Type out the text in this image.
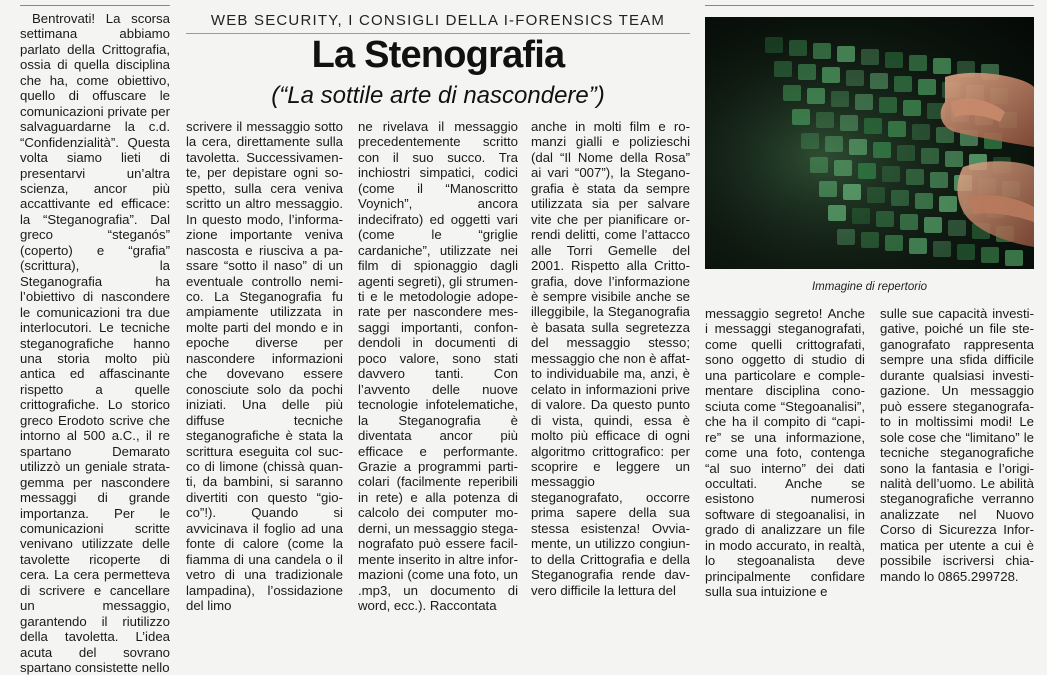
WEB SECURITY, I CONSIGLI DELLA I-FORENSICS TEAM
La Stenografia
(“La sottile arte di nascondere”)

Bentrovati! La scorsa settimana abbiamo parlato della Crittografia, ossia di quella disciplina che ha, come obiettivo, quello di offuscare le comunicazioni private per salvaguardarne la c.d. “Confidenzialità”. Questa volta siamo lieti di presentarvi un’altra scienza, ancor più accattivante ed efficace: la “Steganografia”. Dal greco “steganós” (coperto) e “grafia” (scrittura), la Steganografia ha l’obiettivo di nascondere le comunicazioni tra due interlocutori. Le tecniche steganografiche hanno una storia molto più antica ed affascinante rispetto a quelle crittografiche. Lo storico greco Erodoto scrive che intorno al 500 a.C., il re spartano Demarato utilizzò un geniale stratagemma per nascondere messaggi di grande importanza. Per le comunicazioni scritte venivano utilizzate delle tavolette ricoperte di cera. La cera permetteva di scrivere e cancellare un messaggio, garantendo il riutilizzo della tavoletta. L’idea acuta del sovrano spartano consistette nello

scrivere il messaggio sotto la cera, direttamente sulla tavoletta. Successivamente, per depistare ogni sospetto, sulla cera veniva scritto un altro messaggio. In questo modo, l’informazione importante veniva nascosta e riusciva a passare “sotto il naso” di un eventuale controllo nemico. La Steganografia fu ampiamente utilizzata in molte parti del mondo e in epoche diverse per nascondere informazioni che dovevano essere conosciute solo da pochi iniziati. Una delle più diffuse tecniche steganografiche è stata la scrittura eseguita col succo di limone (chissà quanti, da bambini, si saranno divertiti con questo “gioco”!). Quando si avvicinava il foglio ad una fonte di calore (come la fiamma di una candela o il vetro di una tradizionale lampadina), l’ossidazione del limo

ne rivelava il messaggio precedentemente scritto con il suo succo. Tra inchiostri simpatici, codici (come il “Manoscritto Voynich”, ancora indecifrato) ed oggetti vari (come le “griglie cardaniche”, utilizzate nei film di spionaggio dagli agenti segreti), gli strumenti e le metodologie adoperate per nascondere messaggi importanti, confondendoli in documenti di poco valore, sono stati davvero tanti. Con l’avvento delle nuove tecnologie infotelematiche, la Steganografia è diventata ancor più efficace e performante. Grazie a programmi particolari (facilmente reperibili in rete) e alla potenza di calcolo dei computer moderni, un messaggio steganografato può essere facilmente inserito in altre informazioni (come una foto, un .mp3, un documento di word, ecc.). Raccontata

anche in molti film e romanzi gialli e polizieschi (dal “Il Nome della Rosa” ai vari “007”), la Steganografia è stata da sempre utilizzata sia per salvare vite che per pianificare orrendi delitti, come l’attacco alle Torri Gemelle del 2001. Rispetto alla Crittografia, dove l’informazione è sempre visibile anche se illeggibile, la Steganografia è basata sulla segretezza del messaggio stesso; messaggio che non è affatto individuabile ma, anzi, è celato in informazioni prive di valore. Da questo punto di vista, quindi, essa è molto più efficace di ogni algoritmo crittografico: per scoprire e leggere un messaggio steganografato, occorre prima sapere della sua stessa esistenza! Ovviamente, un utilizzo congiunto della Crittografia e della Steganografia rende davvero difficile la lettura del

Immagine di repertorio

messaggio segreto! Anche i messaggi steganografati, come quelli crittografati, sono oggetto di studio di una particolare e complementare disciplina conosciuta come “Stegoanalisi”, che ha il compito di “capire” se una informazione, come una foto, contenga “al suo interno” dei dati occultati. Anche se esistono numerosi software di stegoanalisi, in grado di analizzare un file in modo accurato, in realtà, lo stegoanalista deve principalmente confidare sulla sua intuizione e

sulle sue capacità investigative, poiché un file steganografato rappresenta sempre una sfida difficile durante qualsiasi investigazione. Un messaggio può essere steganografato in moltissimi modi! Le sole cose che “limitano” le tecniche steganografiche sono la fantasia e l’originalità dell’uomo. Le abilità steganografiche verranno analizzate nel Nuovo Corso di Sicurezza Informatica per utente a cui è possibile iscriversi chiamando lo 0865.299728.
